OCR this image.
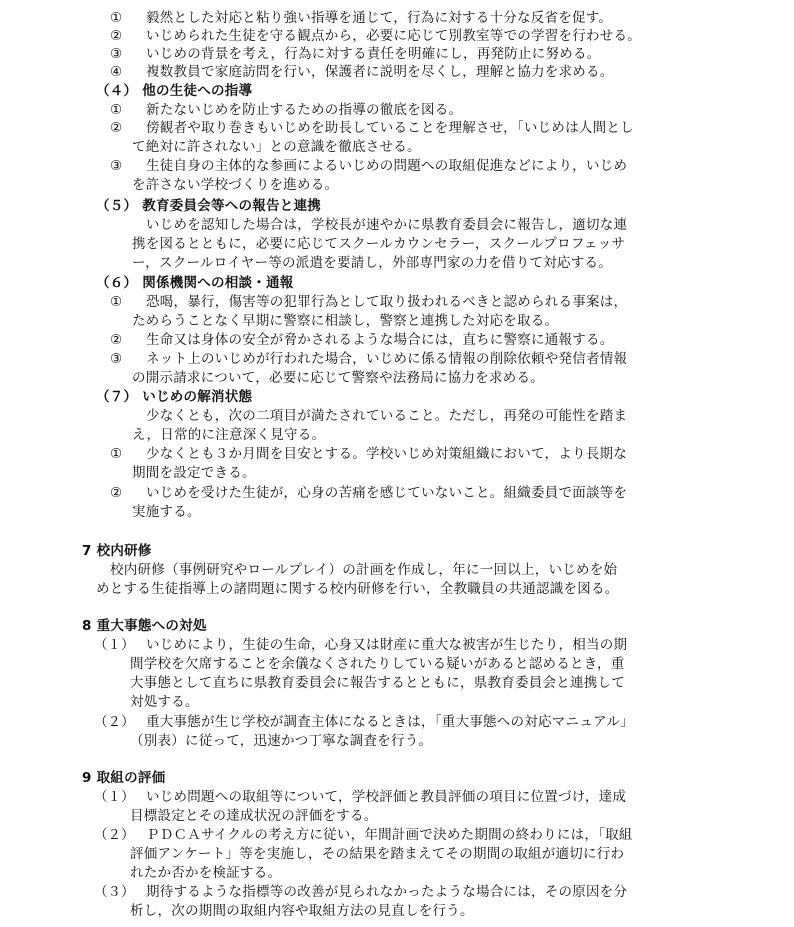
① 毅然とした対応と粘り強い指導を通じて，行為に対する十分な反省を促す。
② いじめられた生徒を守る観点から，必要に応じて別教室等での学習を行わせる。
③ いじめの背景を考え，行為に対する責任を明確にし，再発防止に努める。
④ 複数教員で家庭訪問を行い，保護者に説明を尽くし，理解と協力を求める。
（４） 他の生徒への指導
① 新たないじめを防止するための指導の徹底を図る。
② 傍観者や取り巻きもいじめを助長していることを理解させ，「いじめは人間とし
て絶対に許されない」との意識を徹底させる。
③ 生徒自身の主体的な参画によるいじめの問題への取組促進などにより，いじめ
を許さない学校づくりを進める。
（５） 教育委員会等への報告と連携
いじめを認知した場合は，学校長が速やかに県教育委員会に報告し，適切な連
携を図るとともに，必要に応じてスクールカウンセラー，スクールプロフェッサ
ー，スクールロイヤー等の派遣を要請し，外部専門家の力を借りて対応する。
（６） 関係機関への相談・通報
① 恐喝，暴行，傷害等の犯罪行為として取り扱われるべきと認められる事案は，
ためらうことなく早期に警察に相談し，警察と連携した対応を取る。
② 生命又は身体の安全が脅かされるような場合には，直ちに警察に通報する。
③ ネット上のいじめが行われた場合，いじめに係る情報の削除依頼や発信者情報
の開示請求について，必要に応じて警察や法務局に協力を求める。
（７） いじめの解消状態
少なくとも，次の二項目が満たされていること。ただし，再発の可能性を踏ま
え，日常的に注意深く見守る。
① 少なくとも３か月間を目安とする。学校いじめ対策組織において，より長期な
期間を設定できる。
② いじめを受けた生徒が，心身の苦痛を感じていないこと。組織委員で面談等を
実施する。
7 校内研修
校内研修（事例研究やロールプレイ）の計画を作成し，年に一回以上，いじめを始
めとする生徒指導上の諸問題に関する校内研修を行い，全教職員の共通認識を図る。
8 重大事態への対処
（１） いじめにより，生徒の生命，心身又は財産に重大な被害が生じたり，相当の期
間学校を欠席することを余儀なくされたりしている疑いがあると認めるとき，重
大事態として直ちに県教育委員会に報告するとともに，県教育委員会と連携して
対処する。
（２） 重大事態が生じ学校が調査主体になるときは，「重大事態への対応マニュアル」
（別表）に従って，迅速かつ丁寧な調査を行う。
9 取組の評価
（１） いじめ問題への取組等について，学校評価と教員評価の項目に位置づけ，達成
目標設定とその達成状況の評価をする。
（２） ＰＤＣＡサイクルの考え方に従い，年間計画で決めた期間の終わりには，「取組
評価アンケート」等を実施し，その結果を踏まえてその期間の取組が適切に行わ
れたか否かを検証する。
（３） 期待するような指標等の改善が見られなかったような場合には，その原因を分
析し，次の期間の取組内容や取組方法の見直しを行う。
